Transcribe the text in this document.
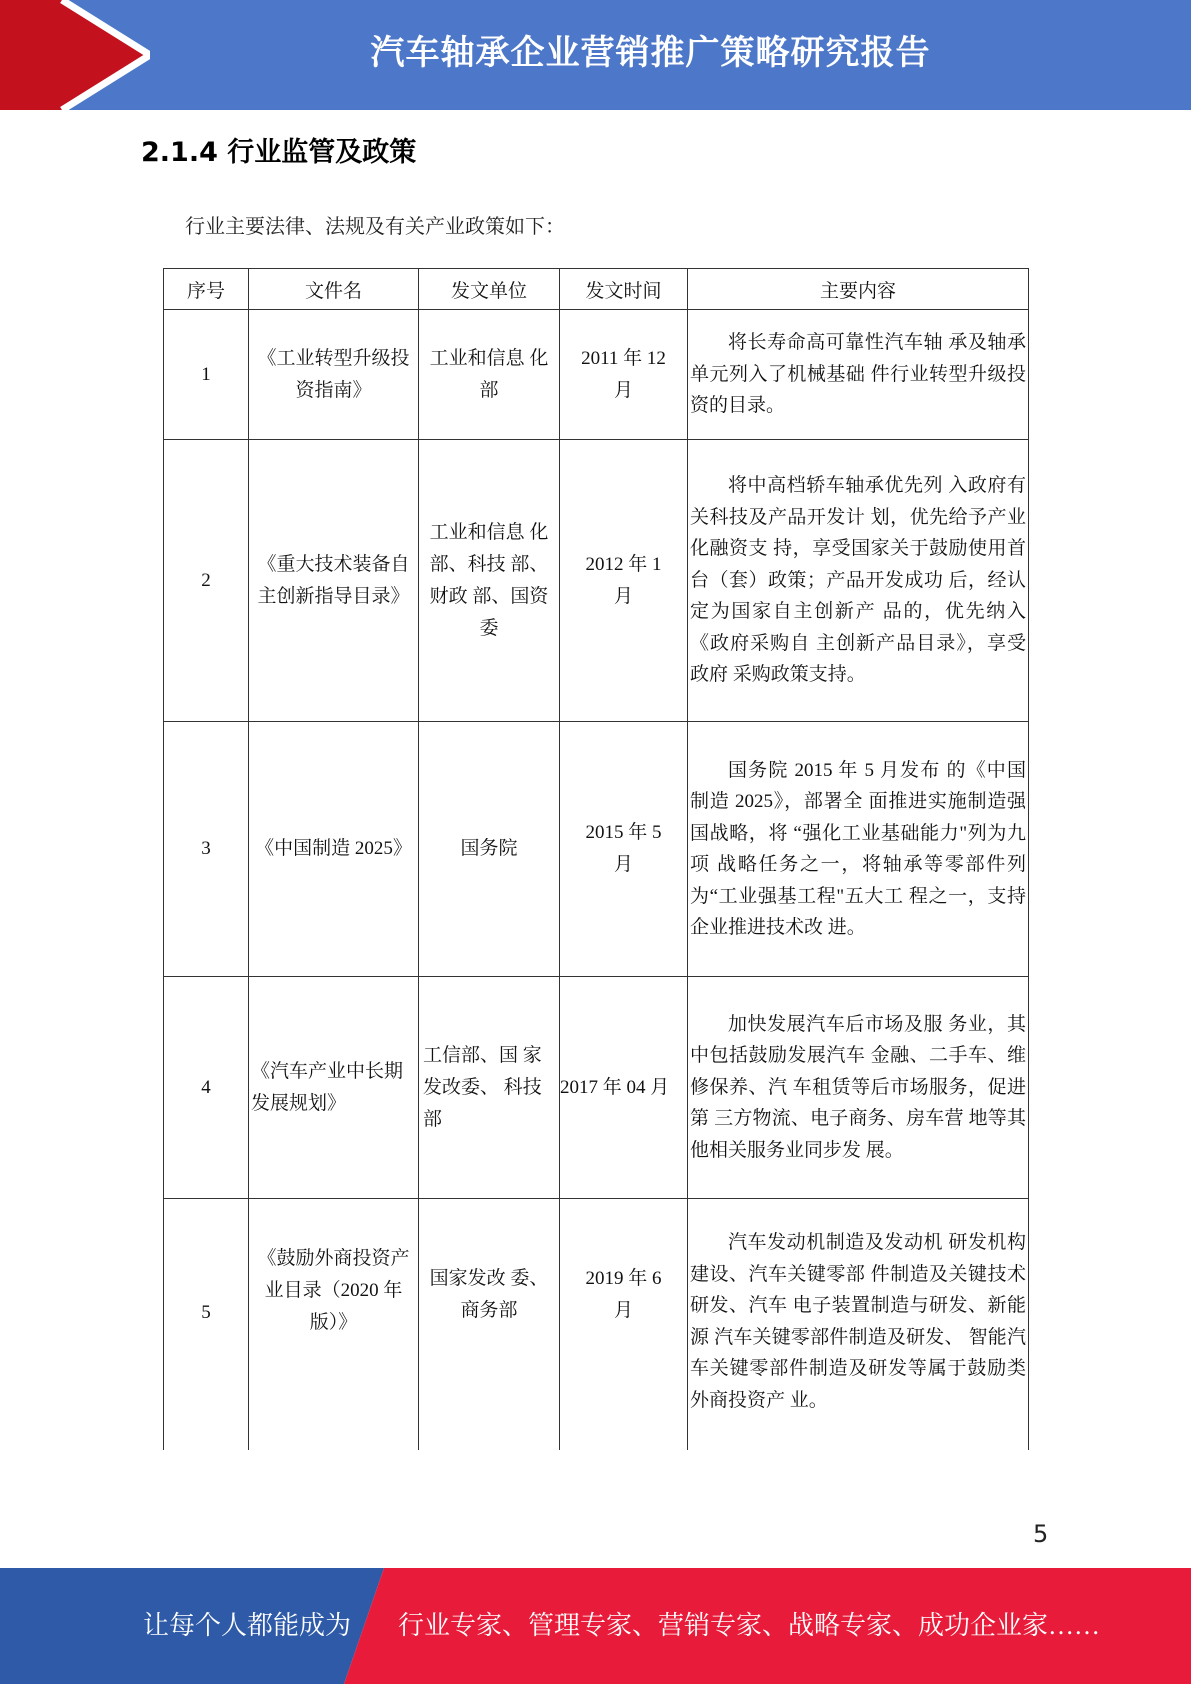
汽车轴承企业营销推广策略研究报告
2.1.4 行业监管及政策
行业主要法律、法规及有关产业政策如下：
序号	文件名	发文单位	发文时间	主要内容
1	《工业转型升级投资指南》	工业和信息 化部	2011 年 12 月	将长寿命高可靠性汽车轴 承及轴承单元列入了机械基础 件行业转型升级投资的目录。

2	《重大技术装备自主创新指导目录》	工业和信息 化部、科技 部、财政 部、国资委	2012 年 1 月	将中高档轿车轴承优先列 入政府有关科技及产品开发计 划，优先给予产业化融资支 持，享受国家关于鼓励使用首 台（套）政策；产品开发成功 后，经认定为国家自主创新产 品的，优先纳入《政府采购自 主创新产品目录》，享受政府 采购政策支持。

3	《中国制造 2025》	国务院	2015 年 5 月	国务院 2015 年 5 月发布 的《中国制造 2025》，部署全 面推进实施制造强国战略，将 “强化工业基础能力"列为九项 战略任务之一，将轴承等零部件列为“工业强基工程"五大工 程之一，支持企业推进技术改 进。

4	《汽车产业中长期发展规划》	工信部、国 家发改委、 科技部	2017 年 04 月	加快发展汽车后市场及服 务业，其中包括鼓励发展汽车 金融、二手车、维修保养、汽 车租赁等后市场服务，促进第 三方物流、电子商务、房车营 地等其他相关服务业同步发 展。

5	《鼓励外商投资产业目录（2020 年版）》	国家发改 委、商务部	2019 年 6 月	汽车发动机制造及发动机 研发机构建设、汽车关键零部 件制造及关键技术研发、汽车 电子装置制造与研发、新能源 汽车关键零部件制造及研发、 智能汽车关键零部件制造及研发等属于鼓励类外商投资产 业。
5
让每个人都能成为 行业专家、管理专家、营销专家、战略专家、成功企业家……
